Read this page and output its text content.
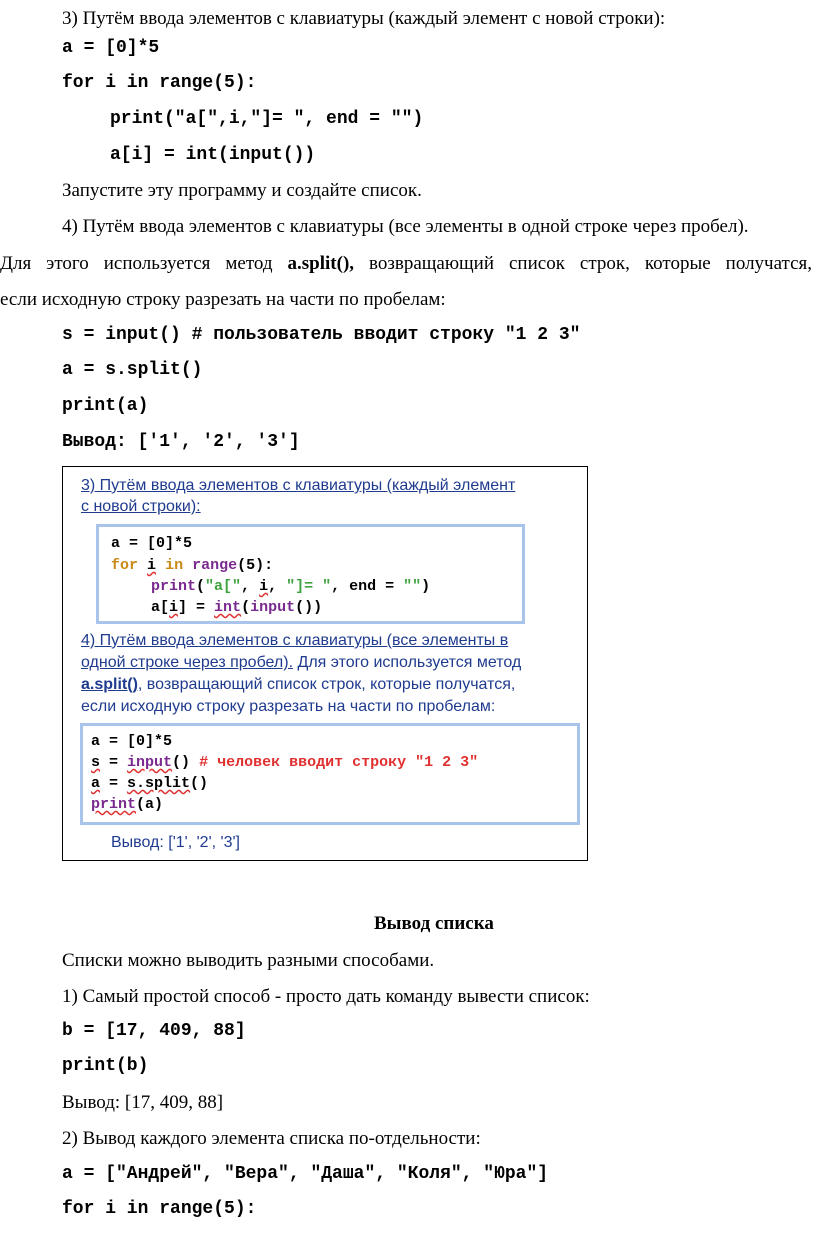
3) Путём ввода элементов с клавиатуры (каждый элемент с новой строки):
a = [0]*5
for i in range(5):
print("a[",i,"]= ", end = "")
a[i] = int(input())
Запустите эту программу и создайте список.
4) Путём ввода элементов с клавиатуры (все элементы в одной строке через пробел).
Для этого используется метод a.split(), возвращающий список строк, которые получатся,
если исходную строку разрезать на части по пробелам:
s = input() # пользователь вводит строку "1 2 3"
a = s.split()
print(a)
Вывод: ['1', '2', '3']
3) Путём ввода элементов с клавиатуры (каждый элемент
с новой строки):
a = [0]*5
for i in range(5):
print("a[", i, "]= ", end = "")
a[i] = int(input())
4) Путём ввода элементов с клавиатуры (все элементы в
одной строке через пробел). Для этого используется метод
a.split(), возвращающий список строк, которые получатся,
если исходную строку разрезать на части по пробелам:
a = [0]*5
s = input() # человек вводит строку "1 2 3"
a = s.split()
print(a)
Вывод: ['1', '2', '3']
Вывод списка
Списки можно выводить разными способами.
1) Самый простой способ - просто дать команду вывести список:
b = [17, 409, 88]
print(b)
Вывод: [17, 409, 88]
2) Вывод каждого элемента списка по-отдельности:
a = ["Андрей", "Вера", "Даша", "Коля", "Юра"]
for i in range(5):
